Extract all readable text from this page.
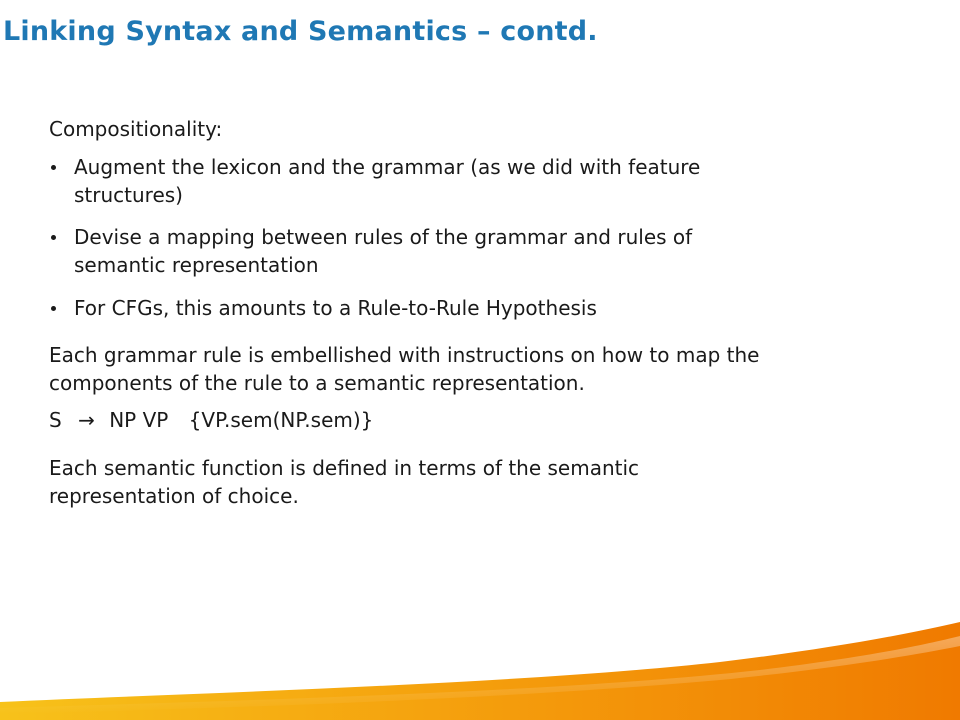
Linking Syntax and Semantics – contd.

Compositionality:

Augment the lexicon and the grammar (as we did with feature

structures)

Devise a mapping between rules of the grammar and rules of

semantic representation

For CFGs, this amounts to a Rule-to-Rule Hypothesis

Each grammar rule is embellished with instructions on how to map the

components of the rule to a semantic representation.

S → NP VP {VP.sem(NP.sem)}

Each semantic function is defined in terms of the semantic

representation of choice.
